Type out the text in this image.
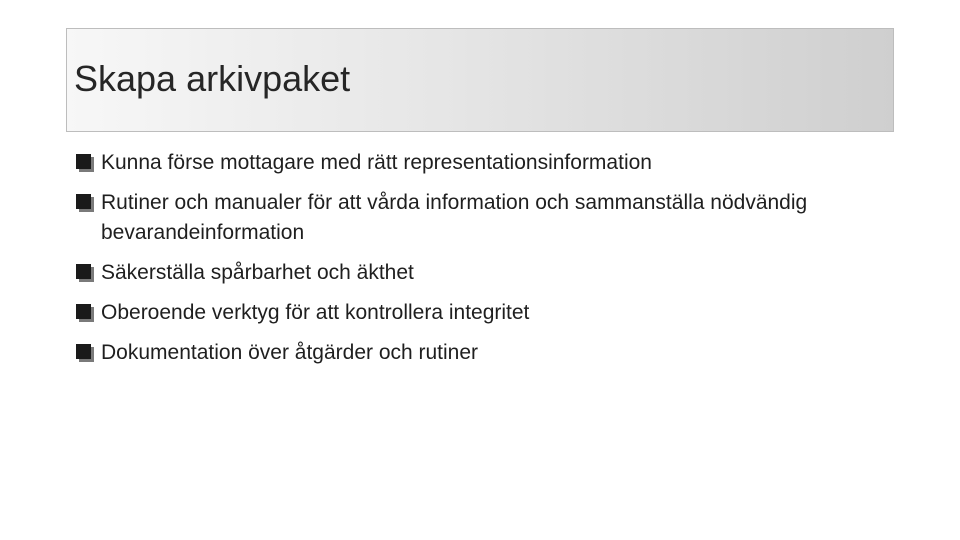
Skapa arkivpaket
Kunna förse mottagare med rätt representationsinformation
Rutiner och manualer för att vårda information och sammanställa nödvändig bevarandeinformation
Säkerställa spårbarhet och äkthet
Oberoende verktyg för att kontrollera integritet
Dokumentation över åtgärder och rutiner
